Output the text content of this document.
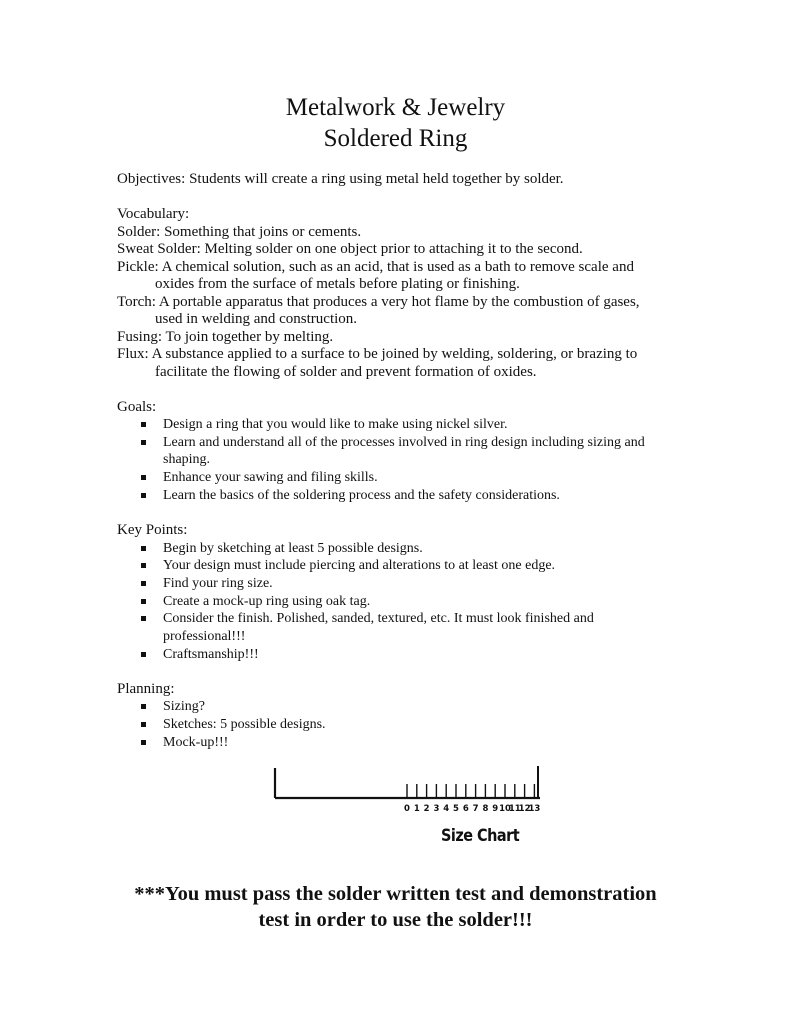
Metalwork & Jewelry
Soldered Ring
Objectives: Students will create a ring using metal held together by solder.
Vocabulary:
Solder: Something that joins or cements.
Sweat Solder: Melting solder on one object prior to attaching it to the second.
Pickle: A chemical solution, such as an acid, that is used as a bath to remove scale and
oxides from the surface of metals before plating or finishing.
Torch: A portable apparatus that produces a very hot flame by the combustion of gases,
used in welding and construction.
Fusing: To join together by melting.
Flux: A substance applied to a surface to be joined by welding, soldering, or brazing to
facilitate the flowing of solder and prevent formation of oxides.
Goals:
Design a ring that you would like to make using nickel silver.
Learn and understand all of the processes involved in ring design including sizing and shaping.
Enhance your sawing and filing skills.
Learn the basics of the soldering process and the safety considerations.
Key Points:
Begin by sketching at least 5 possible designs.
Your design must include piercing and alterations to at least one edge.
Find your ring size.
Create a mock-up ring using oak tag.
Consider the finish. Polished, sanded, textured, etc. It must look finished and professional!!!
Craftsmanship!!!
Planning:
Sizing?
Sketches: 5 possible designs.
Mock-up!!!
0 1 2 3 4 5 6 7 8 9 10
11
12
13
Size Chart
***You must pass the solder written test and demonstration
test in order to use the solder!!!
